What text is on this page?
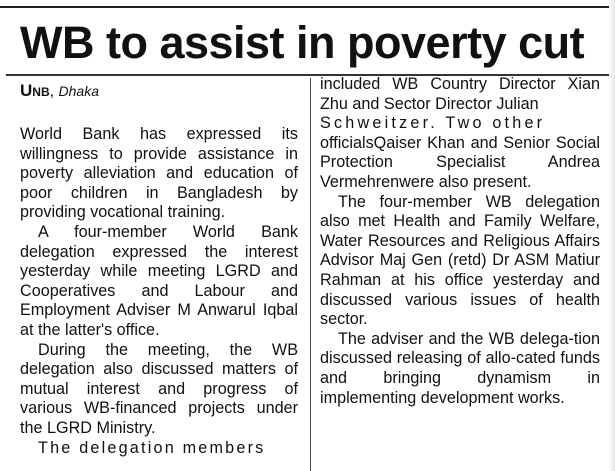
WB to assist in poverty cut

Unb, Dhaka

World Bank has expressed its willingness to provide assistance in poverty alleviation and education of poor children in Bangladesh by providing vocational training.

A four-member World Bank delegation expressed the interest yesterday while meeting LGRD and Cooperatives and Labour and Employment Adviser M Anwarul Iqbal at the latter's office.

During the meeting, the WB delegation also discussed matters of mutual interest and progress of various WB-financed projects under the LGRD Ministry.

The delegation members

included WB Country Director Xian Zhu and Sector Director Julian

Schweitzer. Two other

officialsQaiser Khan and Senior Social Protection Specialist Andrea Vermehrenwere also present.

The four-member WB delegation also met Health and Family Welfare, Water Resources and Religious Affairs Advisor Maj Gen (retd) Dr ASM Matiur Rahman at his office yesterday and discussed various issues of health sector.

The adviser and the WB delega-tion discussed releasing of allo-cated funds and bringing dynamism in implementing development works.
